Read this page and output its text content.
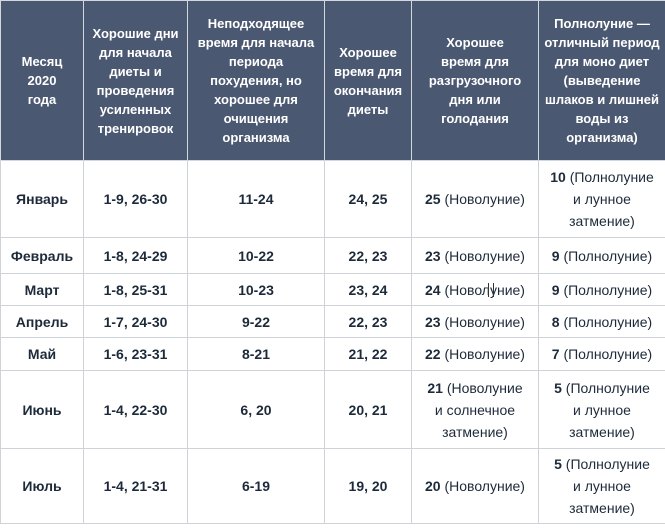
Месяц 2020 года	Хорошие дни для начала диеты и проведения усиленных тренировок	Неподходящее время для начала периода похудения, но хорошее для очищения организма	Хорошее время для окончания диеты	Хорошее время для разгрузочного дня или голодания	Полнолуние — отличный период для моно диет (выведение шлаков и лишней воды из организма)
Январь	1-9, 26-30	11-24	24, 25	25 (Новолуние)	10 (Полнолуние и лунное затмение)
Февраль	1-8, 24-29	10-22	22, 23	23 (Новолуние)	9 (Полнолуние)
Март	1-8, 25-31	10-23	23, 24	24 (Новолуние)	9 (Полнолуние)
Апрель	1-7, 24-30	9-22	22, 23	23 (Новолуние)	8 (Полнолуние)
Май	1-6, 23-31	8-21	21, 22	22 (Новолуние)	7 (Полнолуние)
Июнь	1-4, 22-30	6, 20	20, 21	21 (Новолуние и солнечное затмение)	5 (Полнолуние и лунное затмение)
Июль	1-4, 21-31	6-19	19, 20	20 (Новолуние)	5 (Полнолуние и лунное затмение)
